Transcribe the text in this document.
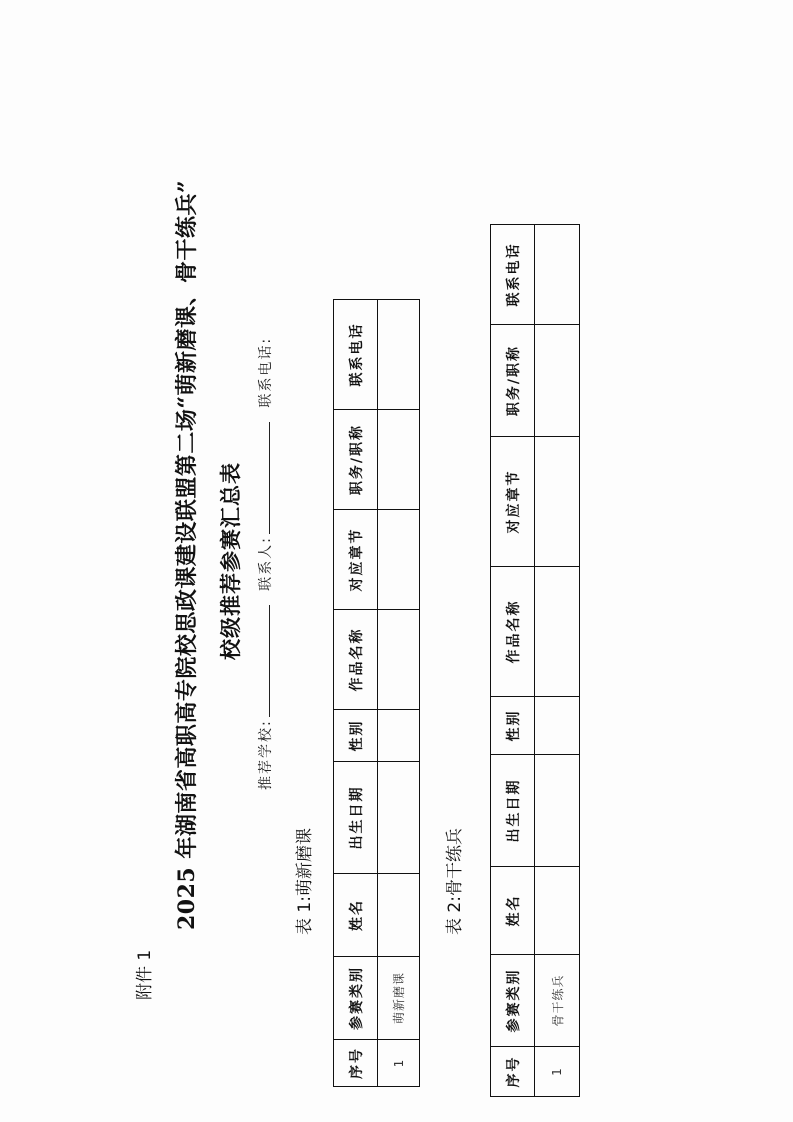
附件 1
2025 年湖南省高职高专院校思政课建设联盟第二场“萌新磨课、骨干练兵” 校级推荐参赛汇总表
推荐学校: 联系人: 联系电话:
表 1:萌新磨课
序号	参赛类别	姓名	出生日期	性别	作品名称	对应章节	职务/职称	联系电话
1	萌新磨课							
表 2:骨干练兵
序号	参赛类别	姓名	出生日期	性别	作品名称	对应章节	职务/职称	联系电话
1	骨干练兵							
